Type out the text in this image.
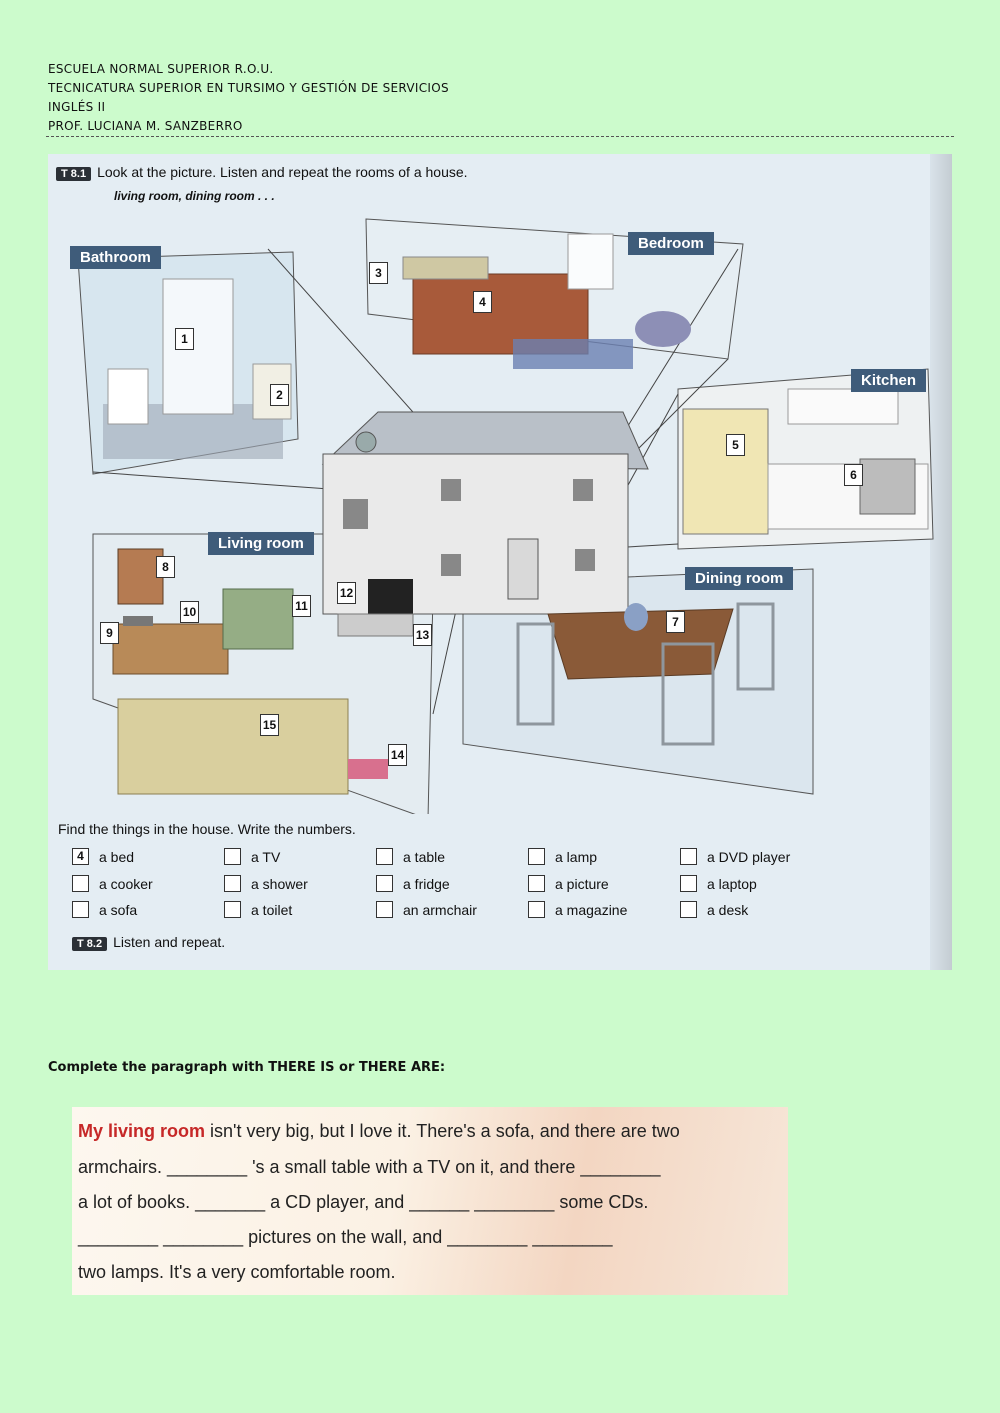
ESCUELA NORMAL SUPERIOR R.O.U.
TECNICATURA SUPERIOR EN TURSIMO Y GESTIÓN DE SERVICIOS
INGLÉS II
PROF. LUCIANA M. SANZBERRO
T 8.1 Look at the picture. Listen and repeat the rooms of a house.
living room, dining room . . .
Bathroom
Bedroom
Kitchen
Living room
Dining room
1
2
3
4
5
6
7
8
9
10	11
12
13
14
15
Find the things in the house. Write the numbers.
4	a bed
a cooker
a sofa
a TV
a shower
a toilet
a table
a fridge
an armchair
a lamp
a picture
a magazine
a DVD player
a laptop
a desk
T 8.2 Listen and repeat.
Complete the paragraph with THERE IS or THERE ARE:
My living room isn't very big, but I love it. There's a sofa, and there are two
armchairs. ________ 's a small table with a TV on it, and there ________
a lot of books. _______ a CD player, and ______ ________ some CDs.
________ ________ pictures on the wall, and ________ ________
two lamps. It's a very comfortable room.
